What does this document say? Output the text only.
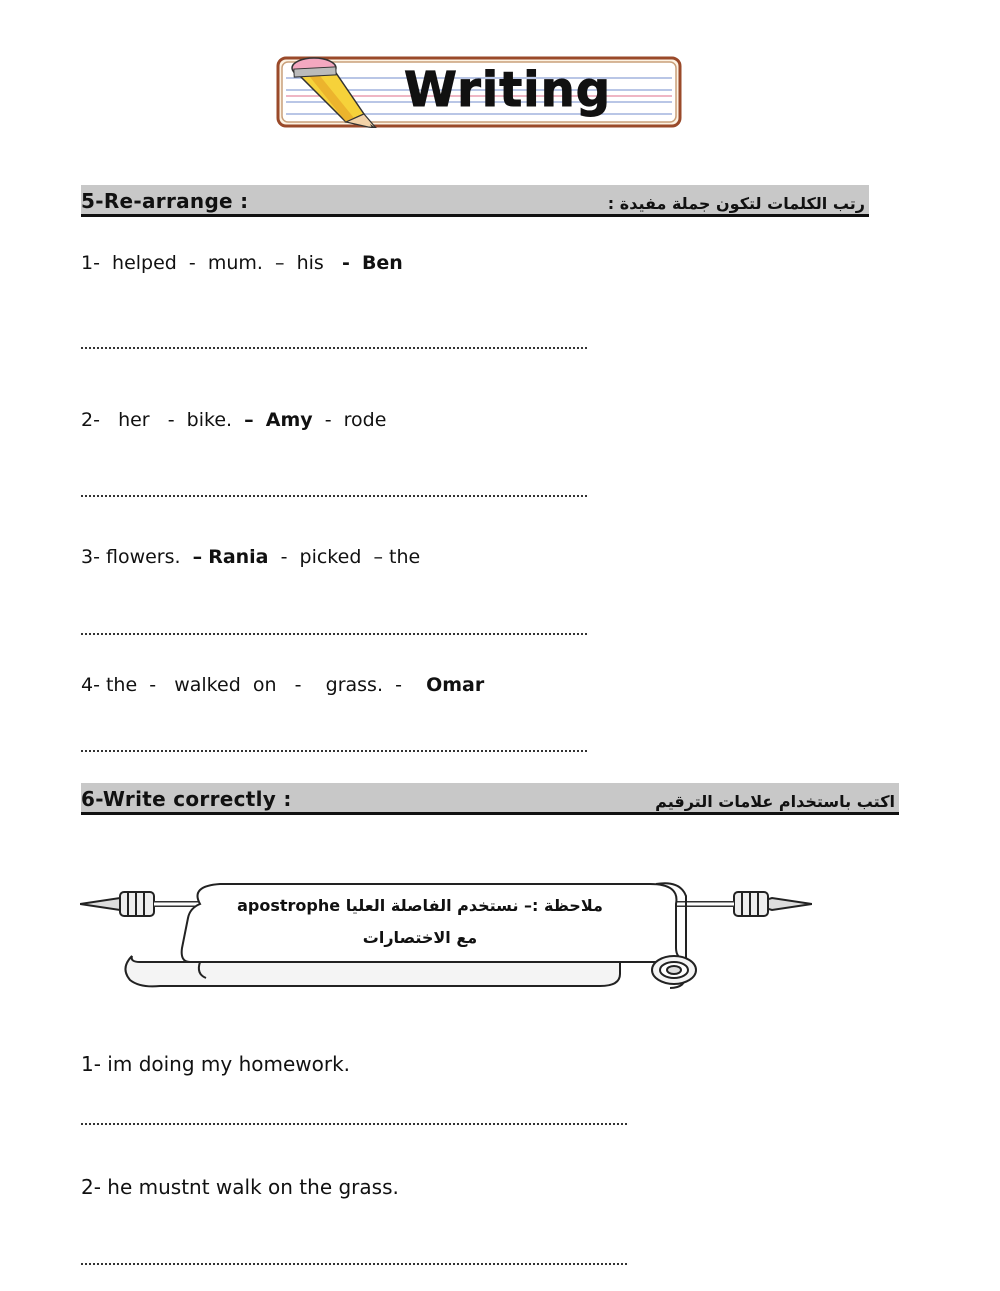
Writing
5-Re-arrange :	رتب الكلمات لتكون جملة مفيدة :
1-  helped  -  mum.  –  his   - Ben
2-   her   -  bike.  – Amy  -  rode
3- flowers.  – Rania  -  picked  – the
4- the  -   walked  on   -    grass.  -    Omar
6-Write correctly :	اكتب باستخدام علامات الترقيم
ملاحظة :– نستخدم الفاصلة العليا apostrophe
مع الاختصارات
1- im doing my homework.
2- he mustnt walk on the grass.
